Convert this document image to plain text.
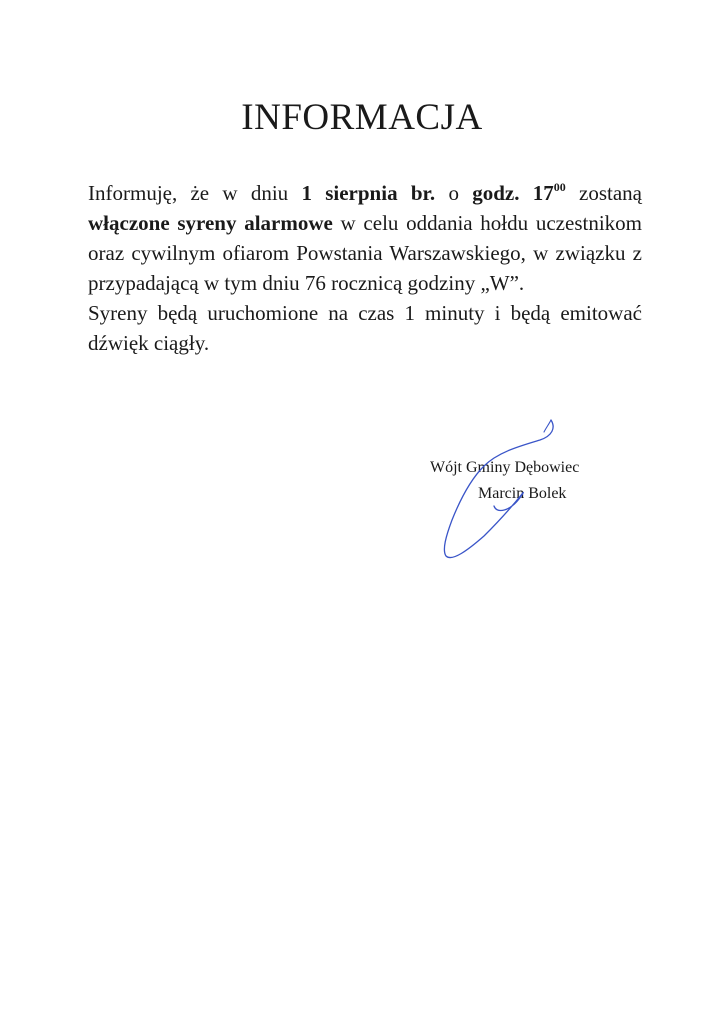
INFORMACJA

Informuję, że w dniu 1 sierpnia br. o godz. $17^{00}$ zostaną włączone syreny alarmowe w celu oddania hołdu uczestnikom oraz cywilnym ofiarom Powstania Warszawskiego, w związku z przypadającą w tym dniu 76 rocznicą godziny „W”.

Syreny będą uruchomione na czas 1 minuty i będą emitować dźwięk ciągły.

Wójt Gminy Dębowiec
Marcin Bolek
